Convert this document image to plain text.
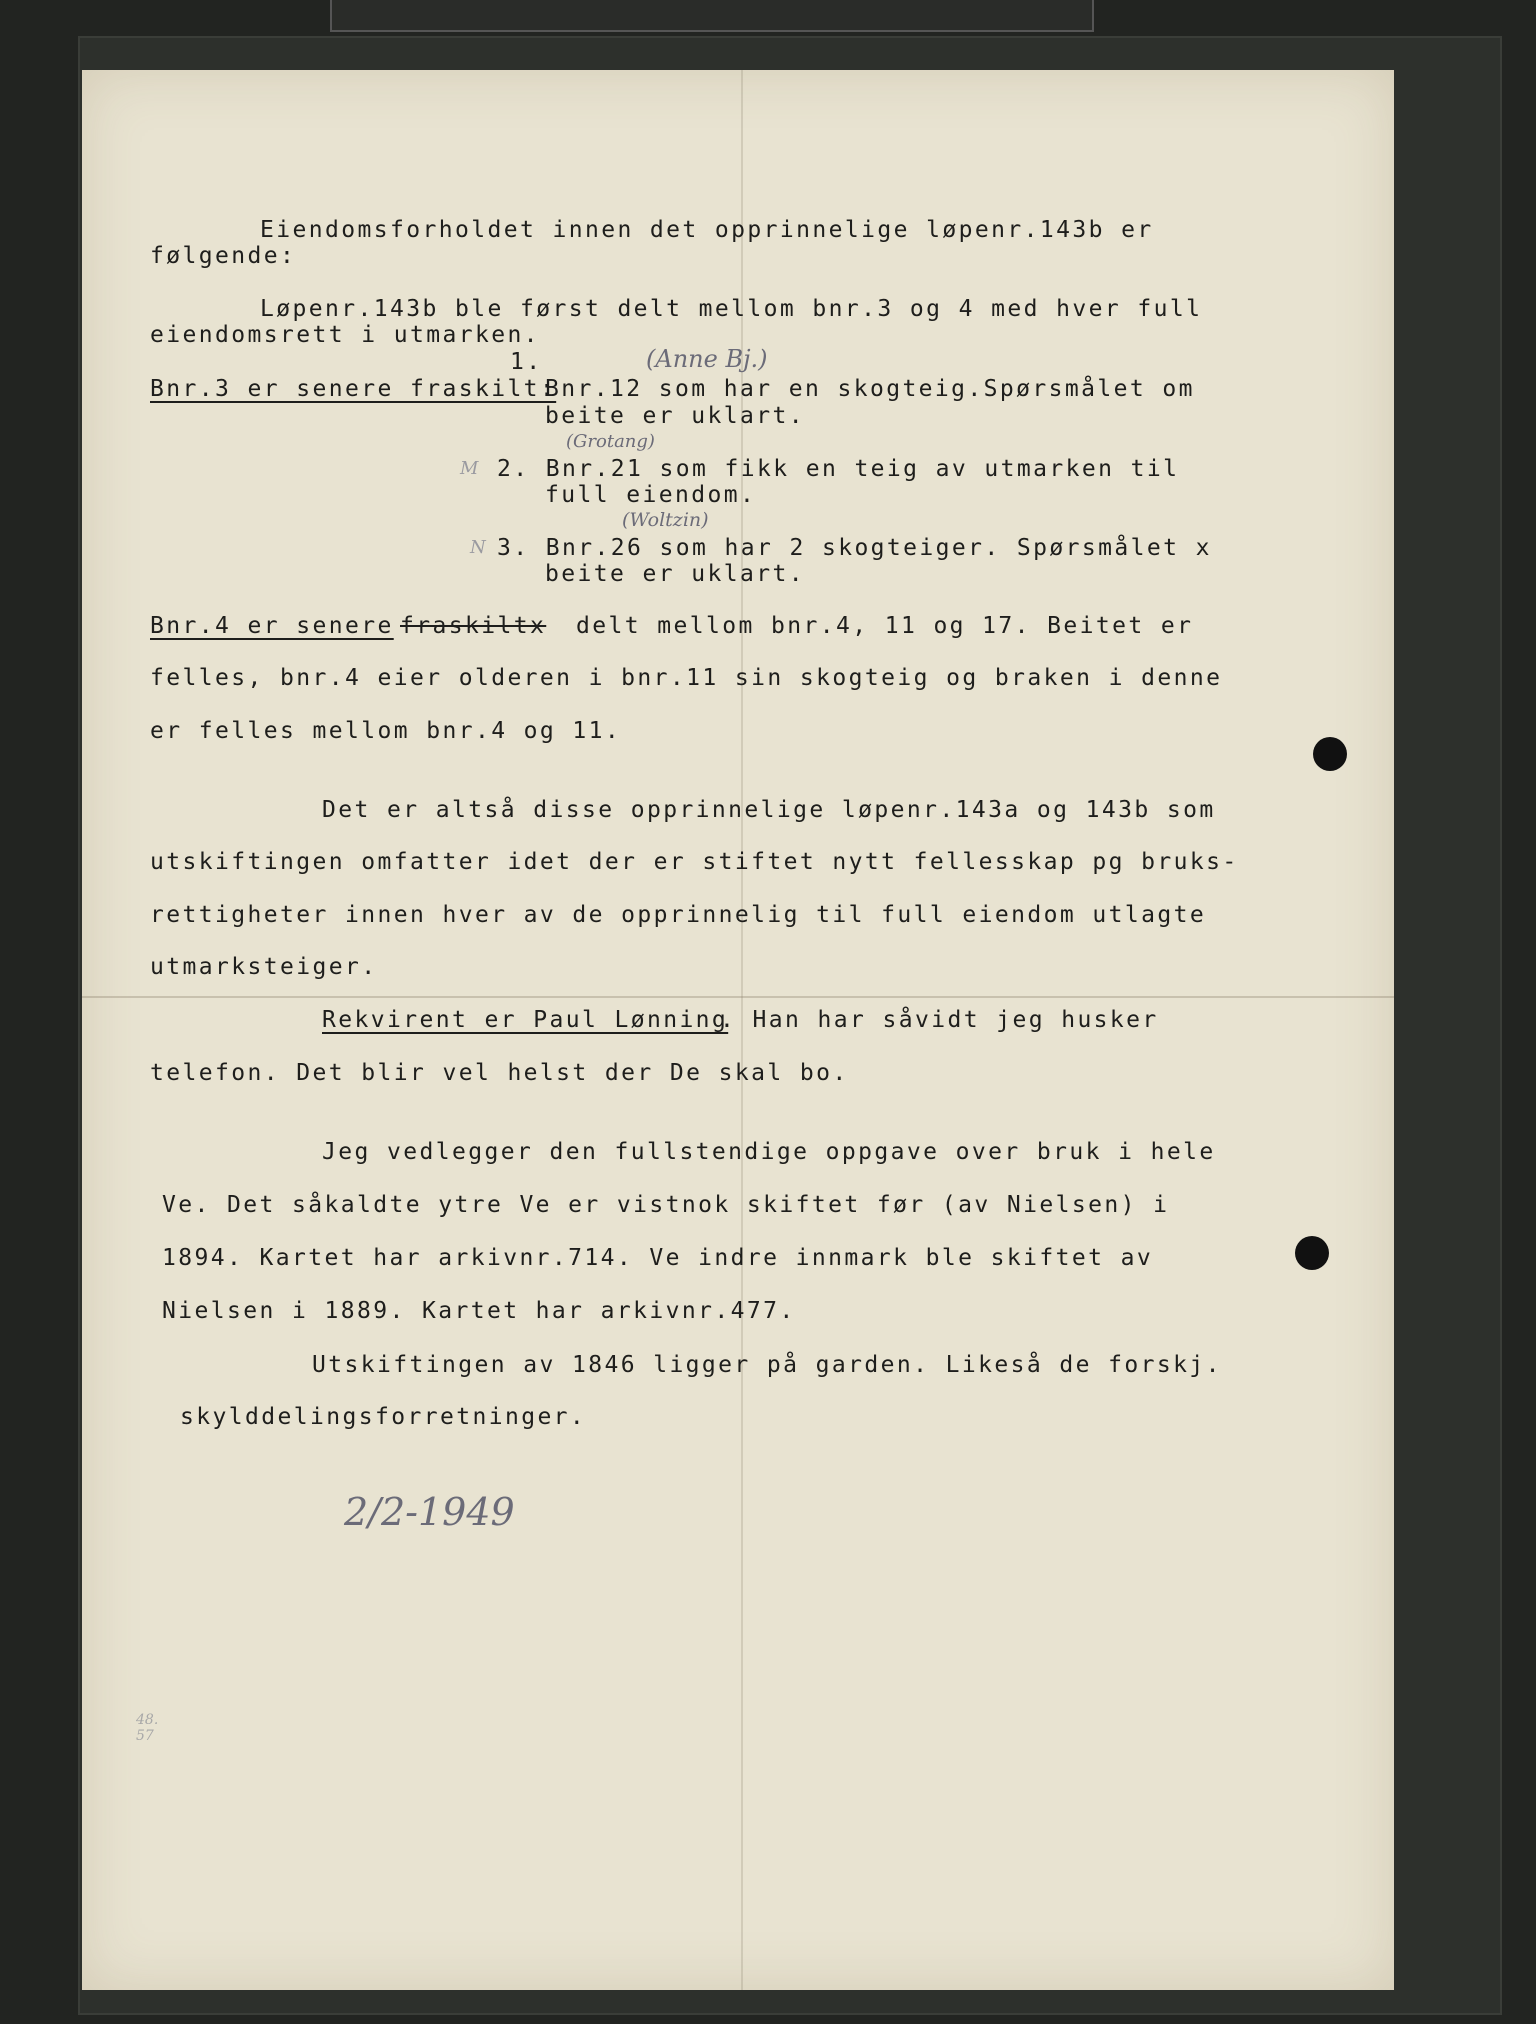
Eiendomsforholdet innen det opprinnelige løpenr.143b er
følgende:
Løpenr.143b ble først delt mellom bnr.3 og 4 med hver full
eiendomsrett i utmarken.
1.
Bnr.3 er senere fraskilt:
Bnr.12 som har en skogteig.Spørsmålet om
beite er uklart.
2. Bnr.21 som fikk en teig av utmarken til
full eiendom.
3. Bnr.26 som har 2 skogteiger. Spørsmålet x
beite er uklart.
Bnr.4 er senere fraskiltx delt mellom bnr.4, 11 og 17. Beitet er
felles, bnr.4 eier olderen i bnr.11 sin skogteig og braken i denne
er felles mellom bnr.4 og 11.
Det er altså disse opprinnelige løpenr.143a og 143b som
utskiftingen omfatter idet der er stiftet nytt fellesskap pg bruks-
rettigheter innen hver av de opprinnelig til full eiendom utlagte
utmarksteiger.
Rekvirent er Paul Lønning
. Han har såvidt jeg husker
telefon. Det blir vel helst der De skal bo.
Jeg vedlegger den fullstendige oppgave over bruk i hele
Ve. Det såkaldte ytre Ve er vistnok skiftet før (av Nielsen) i
1894. Kartet har arkivnr.714. Ve indre innmark ble skiftet av
Nielsen i 1889. Kartet har arkivnr.477.
Utskiftingen av 1846 ligger på garden. Likeså de forskj.
skylddelingsforretninger.
(Anne Bj.)
(Grotang)
(Woltzin)
M
N
2/2-1949
48.
57
